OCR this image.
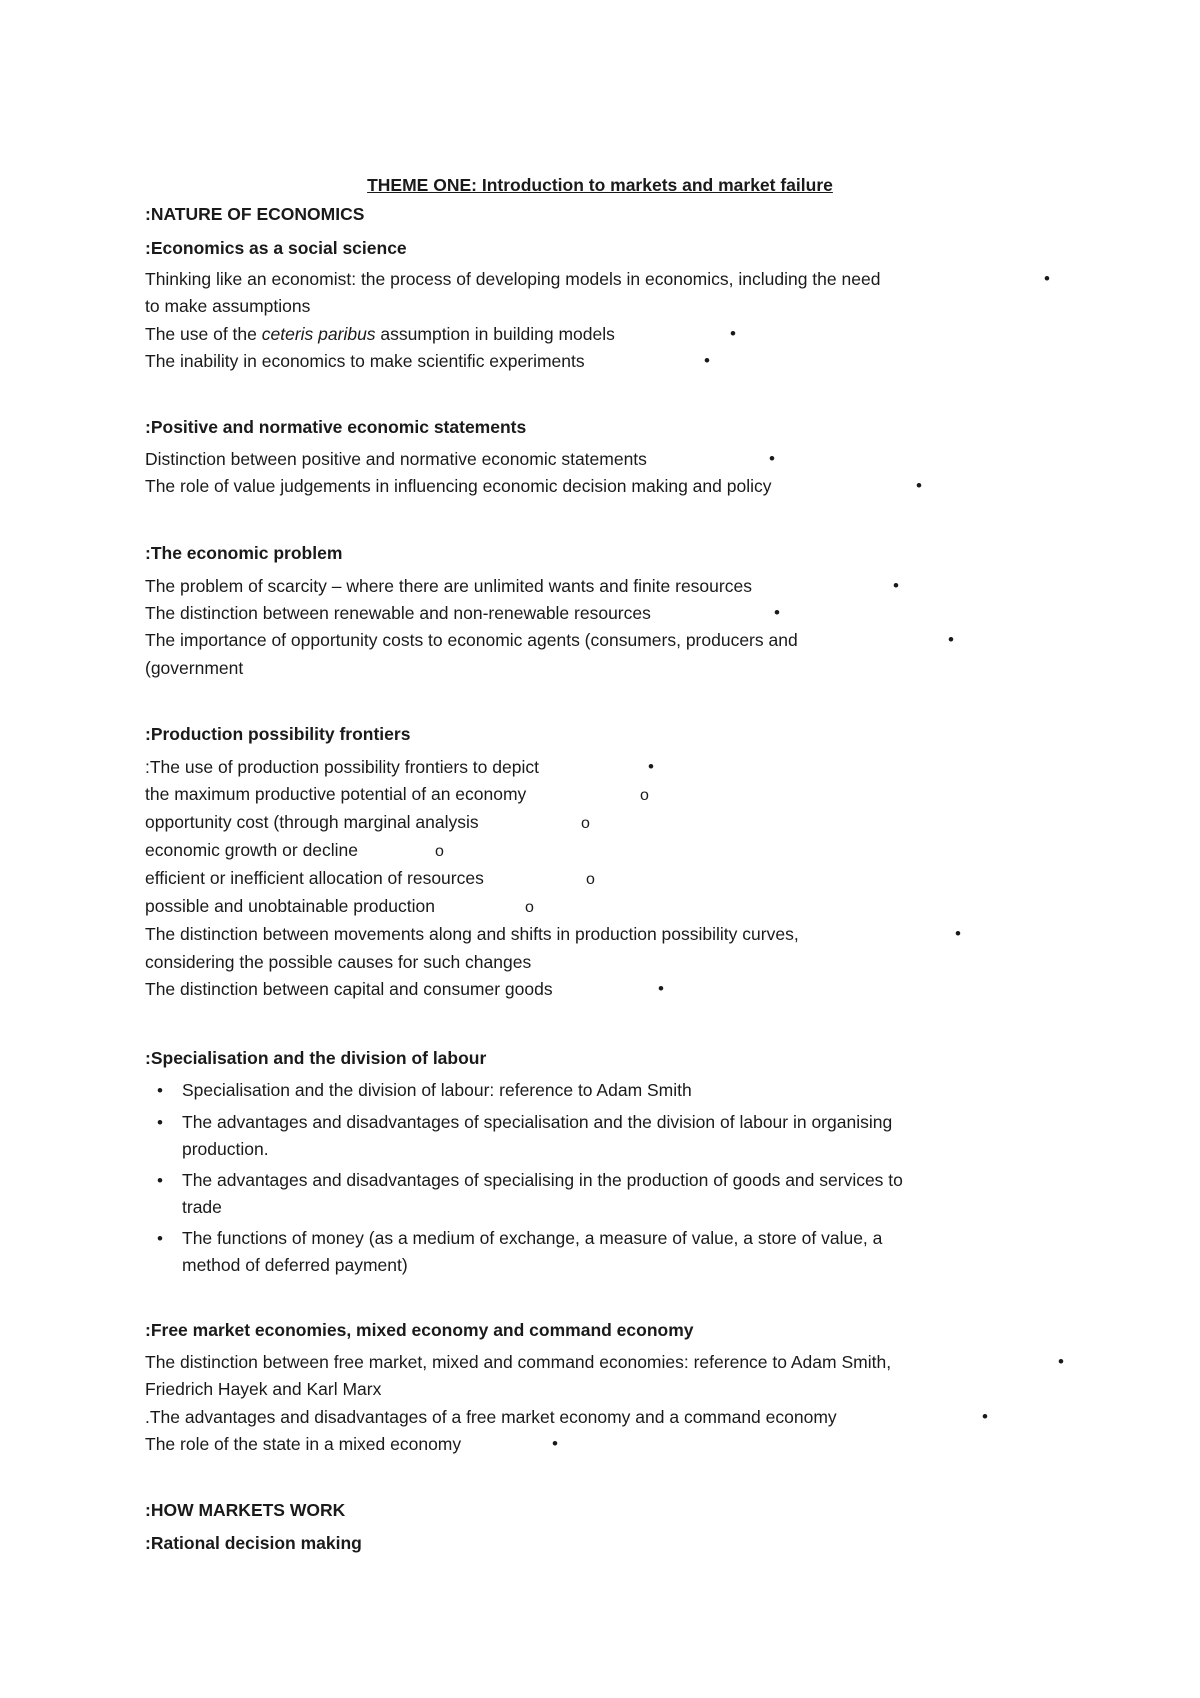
THEME ONE: Introduction to markets and market failure
:NATURE OF ECONOMICS
:Economics as a social science
Thinking like an economist: the process of developing models in economics, including the need	•
to make assumptions
The use of the ceteris paribus assumption in building models	•
The inability in economics to make scientific experiments	•
:Positive and normative economic statements
Distinction between positive and normative economic statements	•
The role of value judgements in influencing economic decision making and policy	•
:The economic problem
The problem of scarcity – where there are unlimited wants and finite resources	•
The distinction between renewable and non-renewable resources	•
The importance of opportunity costs to economic agents (consumers, producers and	•
(government
:Production possibility frontiers
:The use of production possibility frontiers to depict	•
the maximum productive potential of an economy	o
opportunity cost (through marginal analysis	o
economic growth or decline	o
efficient or inefficient allocation of resources	o
possible and unobtainable production	o
The distinction between movements along and shifts in production possibility curves,	•
considering the possible causes for such changes
The distinction between capital and consumer goods	•
:Specialisation and the division of labour
• Specialisation and the division of labour: reference to Adam Smith
• The advantages and disadvantages of specialisation and the division of labour in organising
production.
• The advantages and disadvantages of specialising in the production of goods and services to
trade
• The functions of money (as a medium of exchange, a measure of value, a store of value, a
method of deferred payment)
:Free market economies, mixed economy and command economy
The distinction between free market, mixed and command economies: reference to Adam Smith,	•
Friedrich Hayek and Karl Marx
.The advantages and disadvantages of a free market economy and a command economy	•
The role of the state in a mixed economy	•
:HOW MARKETS WORK
:Rational decision making
